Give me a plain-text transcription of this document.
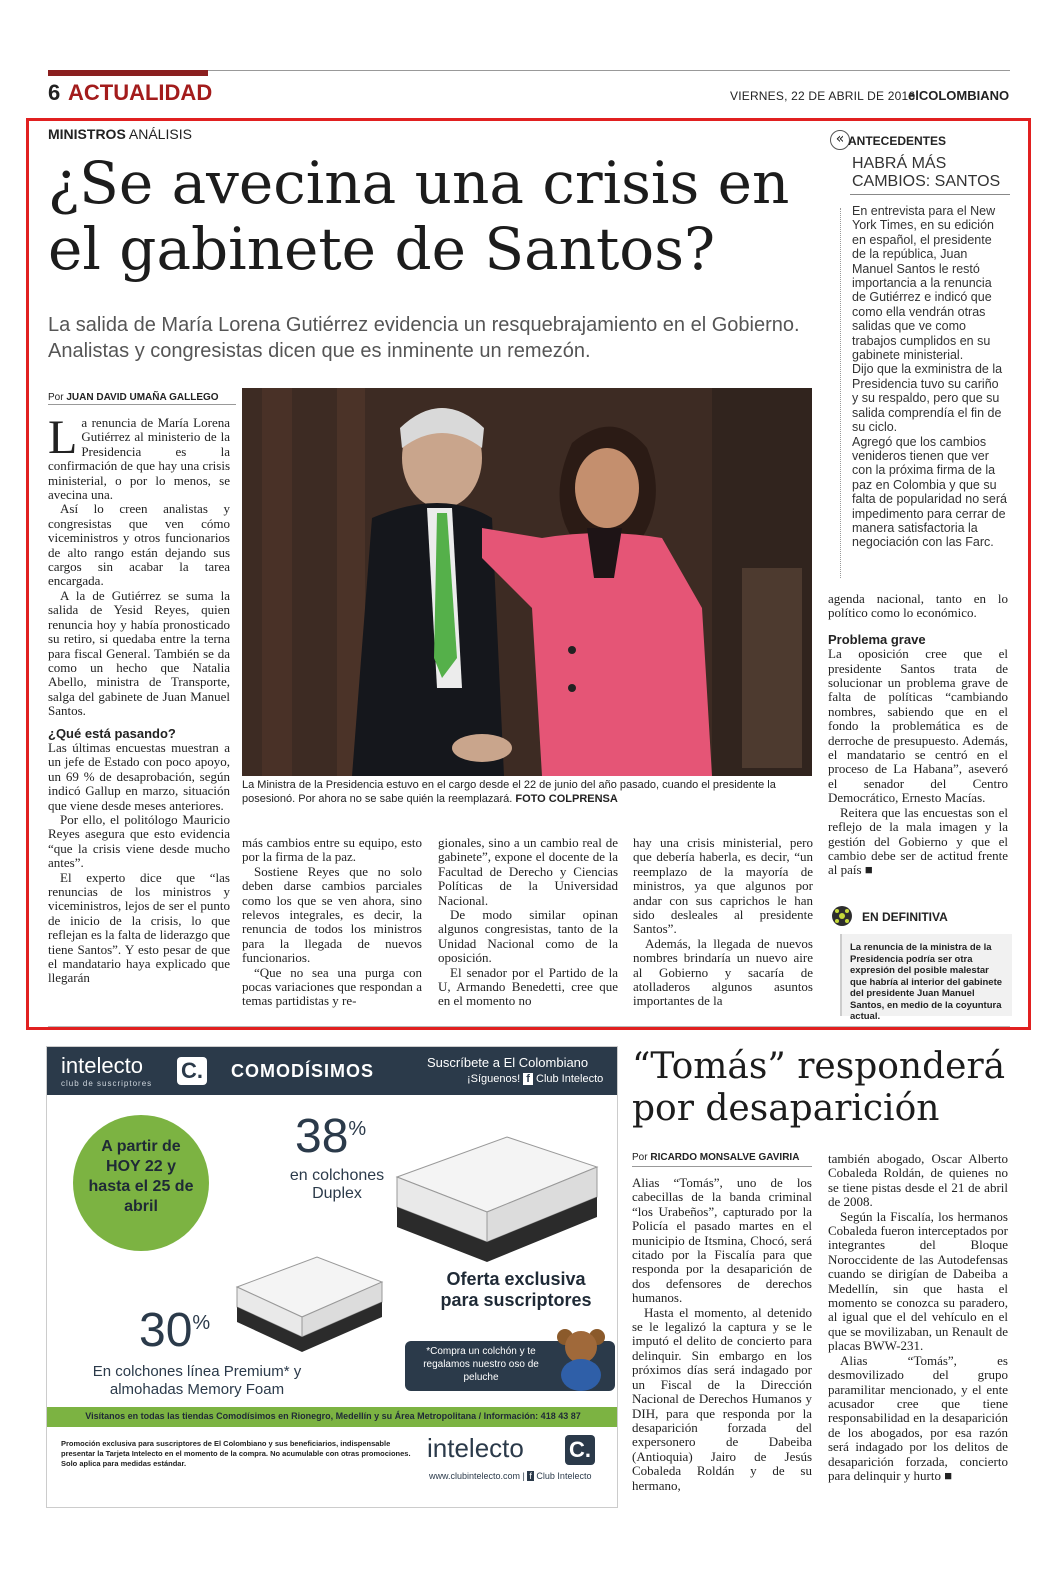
6 ACTUALIDAD	VIERNES, 22 DE ABRIL DE 2016
elCOLOMBIANO
MINISTROS ANÁLISIS
¿Se avecina una crisis en el gabinete de Santos?
La salida de María Lorena Gutiérrez evidencia un resquebrajamiento en el Gobierno. Analistas y congresistas dicen que es inminente un remezón.
Por JUAN DAVID UMAÑA GALLEGO

La renuncia de María Lorena Gutiérrez al ministerio de la Presidencia es la confirmación de que hay una crisis ministerial, o por lo menos, se avecina una.

Así lo creen analistas y congresistas que ven cómo viceministros y otros funcionarios de alto rango están dejando sus cargos sin acabar la tarea encargada.

A la de Gutiérrez se suma la salida de Yesid Reyes, quien renuncia hoy y había pronosticado su retiro, si quedaba entre la terna para fiscal General. También se da como un hecho que Natalia Abello, ministra de Transporte, salga del gabinete de Juan Manuel Santos.

¿Qué está pasando?

Las últimas encuestas muestran a un jefe de Estado con poco apoyo, un 69 % de desaprobación, según indicó Gallup en marzo, situación que viene desde meses anteriores.

Por ello, el politólogo Mauricio Reyes asegura que esto evidencia “que la crisis viene desde mucho antes”.

El experto dice que “las renuncias de los ministros y viceministros, lejos de ser el punto de inicio de la crisis, lo que reflejan es la falta de liderazgo que tiene Santos”. Y esto pesar de que el mandatario haya explicado que llegarán

La Ministra de la Presidencia estuvo en el cargo desde el 22 de junio del año pasado, cuando el presidente la posesionó. Por ahora no se sabe quién la reemplazará. FOTO COLPRENSA

más cambios entre su equipo, esto por la firma de la paz.

Sostiene Reyes que no solo deben darse cambios parciales como los que se ven ahora, sino relevos integrales, es decir, la renuncia de todos los ministros para la llegada de nuevos funcionarios.

“Que no sea una purga con pocas variaciones que respondan a temas partidistas y re-

gionales, sino a un cambio real de gabinete”, expone el docente de la Facultad de Derecho y Ciencias Políticas de la Universidad Nacional.

De modo similar opinan algunos congresistas, tanto de la Unidad Nacional como de la oposición.

El senador por el Partido de la U, Armando Benedetti, cree que en el momento no

hay una crisis ministerial, pero que debería haberla, es decir, “un reemplazo de la mayoría de ministros, ya que algunos por andar con sus caprichos le han sido desleales al presidente Santos”.

Además, la llegada de nuevos nombres brindaría un nuevo aire al Gobierno y sacaría de atolladeros algunos asuntos importantes de la

agenda nacional, tanto en lo político como lo económico.

Problema grave

La oposición cree que el presidente Santos trata de solucionar un problema grave de falta de políticas “cambiando nombres, sabiendo que en el fondo la problemática es de derroche de presupuesto. Además, el mandatario se centró en el proceso de La Habana”, aseveró el senador del Centro Democrático, Ernesto Macías.

Reitera que las encuestas son el reflejo de la mala imagen y la gestión del Gobierno y que el cambio debe ser de actitud frente al país ■

« ANTECEDENTES
HABRÁ MÁS CAMBIOS: SANTOS

En entrevista para el New York Times, en su edición en español, el presidente de la república, Juan Manuel Santos le restó importancia a la renuncia de Gutiérrez e indicó que como ella vendrán otras salidas que ve como trabajos cumplidos en su gabinete ministerial.

Dijo que la exministra de la Presidencia tuvo su cariño y su respaldo, pero que su salida comprendía el fin de su ciclo.

Agregó que los cambios venideros tienen que ver con la próxima firma de la paz en Colombia y que su falta de popularidad no será impedimento para cerrar de manera satisfactoria la negociación con las Farc.

EN DEFINITIVA
La renuncia de la ministra de la Presidencia podría ser otra expresión del posible malestar que habría al interior del gabinete del presidente Juan Manuel Santos, en medio de la coyuntura actual.
intelecto
club de suscriptores
C. COMODÍSIMOS	Suscríbete a El Colombiano
¡Síguenos! f Club Intelecto
A partir de HOY 22 y hasta el 25 de abril
38%
en colchones Duplex
30%
En colchones línea Premium* y almohadas Memory Foam
Oferta exclusiva para suscriptores
*Compra un colchón y te regalamos nuestro oso de peluche
Visítanos en todas las tiendas Comodísimos en Rionegro, Medellín y su Área Metropolitana / Información: 418 43 87
Promoción exclusiva para suscriptores de El Colombiano y sus beneficiarios, indispensable presentar la Tarjeta Intelecto en el momento de la compra. No acumulable con otras promociones. Solo aplica para medidas estándar.
intelecto C.
www.clubintelecto.com | f Club Intelecto
“Tomás” responderá por desaparición
Por RICARDO MONSALVE GAVIRIA

Alias “Tomás”, uno de los cabecillas de la banda criminal “los Urabeños”, capturado por la Policía el pasado martes en el municipio de Itsmina, Chocó, será citado por la Fiscalía para que responda por la desaparición de dos defensores de derechos humanos.

Hasta el momento, al detenido se le legalizó la captura y se le imputó el delito de concierto para delinquir. Sin embargo en los próximos días será indagado por un Fiscal de la Dirección Nacional de Derechos Humanos y DIH, para que responda por la desaparición forzada del expersonero de Dabeiba (Antioquia) Jairo de Jesús Cobaleda Roldán y de su hermano,

también abogado, Oscar Alberto Cobaleda Roldán, de quienes no se tiene pistas desde el 21 de abril de 2008.

Según la Fiscalía, los hermanos Cobaleda fueron interceptados por integrantes del Bloque Noroccidente de las Autodefensas cuando se dirigían de Dabeiba a Medellín, sin que hasta el momento se conozca su paradero, al igual que el del vehículo en el que se movilizaban, un Renault de placas BWW-231.

Alias “Tomás”, es desmovilizado del grupo paramilitar mencionado, y el ente acusador cree que tiene responsabilidad en la desaparición de los abogados, por esa razón será indagado por los delitos de desaparición forzada, concierto para delinquir y hurto ■
